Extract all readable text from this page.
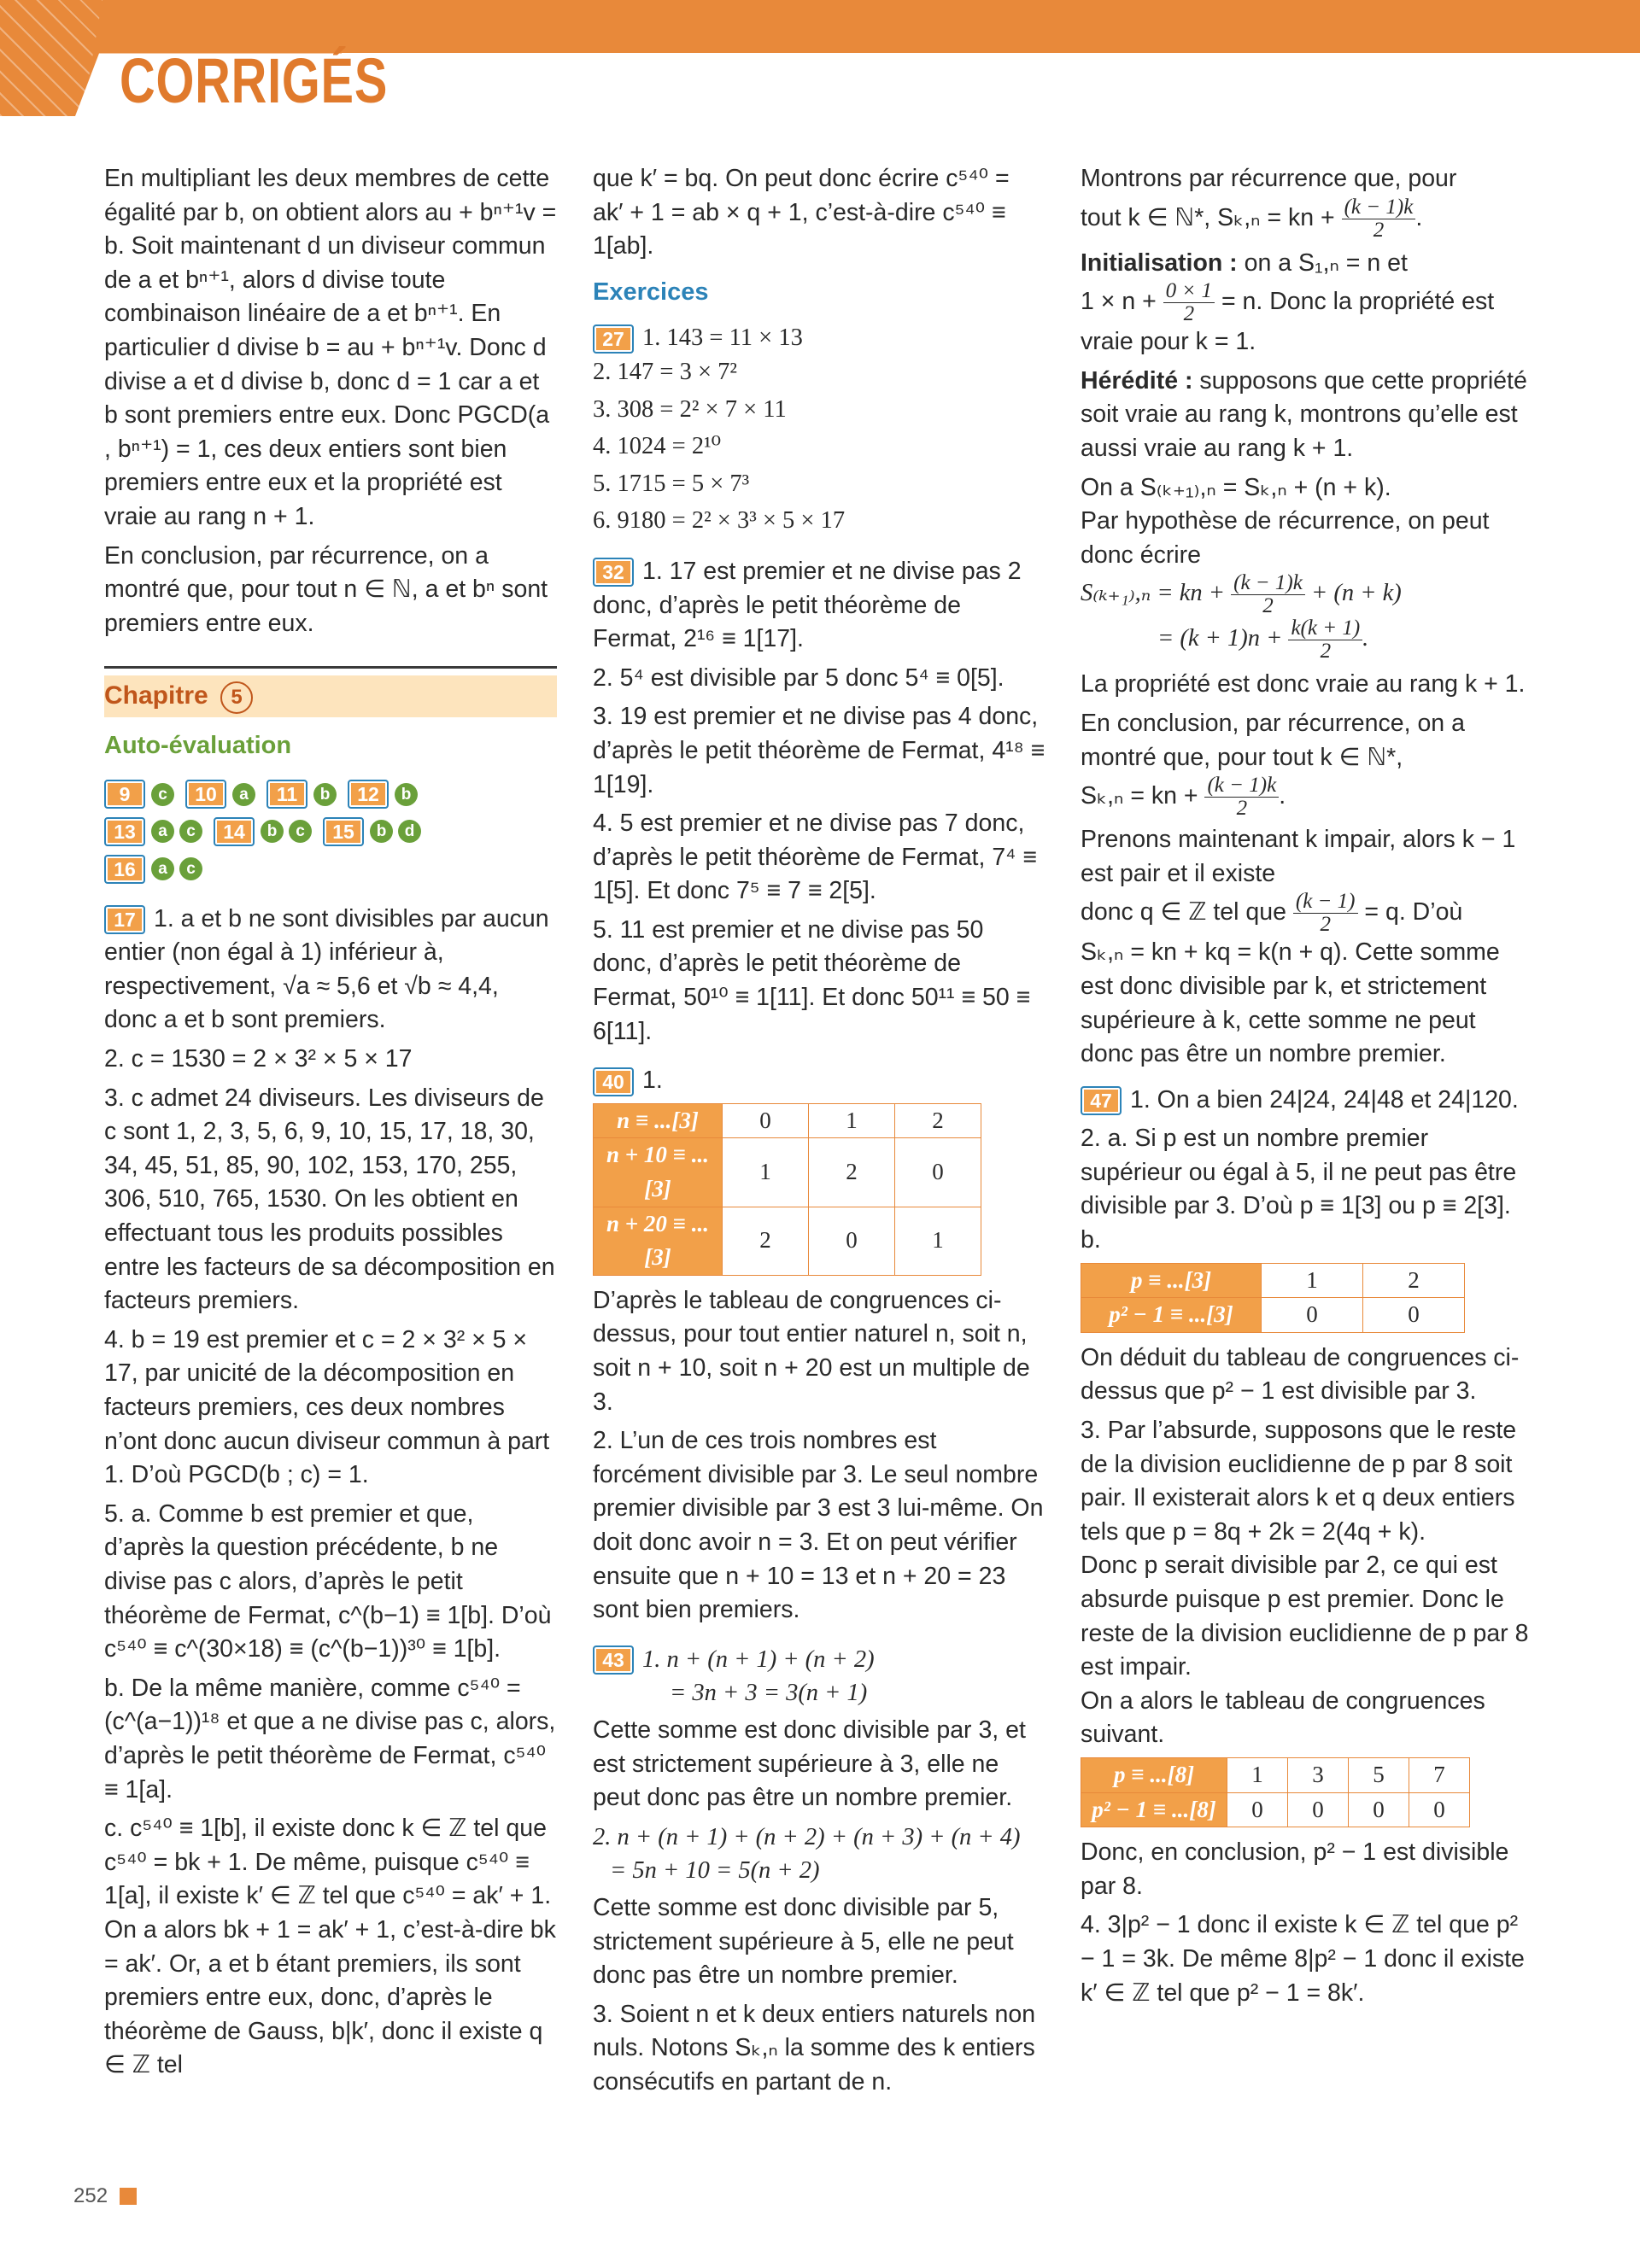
CORRIGÉS

En multipliant les deux membres de cette égalité par b, on obtient alors au + bⁿ⁺¹v = b. Soit maintenant d un diviseur commun de a et bⁿ⁺¹, alors d divise toute combinaison linéaire de a et bⁿ⁺¹. En particulier d divise b = au + bⁿ⁺¹v. Donc d divise a et d divise b, donc d = 1 car a et b sont premiers entre eux. Donc PGCD(a , bⁿ⁺¹) = 1, ces deux entiers sont bien premiers entre eux et la propriété est vraie au rang n + 1.

En conclusion, par récurrence, on a montré que, pour tout n ∈ ℕ, a et bⁿ sont premiers entre eux.

Chapitre 5
Auto-évaluation
9 c 10 a 11 b 12 b
13 a c 14 b c 15 b d
16 a c

17 1. a et b ne sont divisibles par aucun entier (non égal à 1) inférieur à, respectivement, √a ≈ 5,6 et √b ≈ 4,4, donc a et b sont premiers.

2. c = 1530 = 2 × 3² × 5 × 17

3. c admet 24 diviseurs. Les diviseurs de c sont 1, 2, 3, 5, 6, 9, 10, 15, 17, 18, 30, 34, 45, 51, 85, 90, 102, 153, 170, 255, 306, 510, 765, 1530. On les obtient en effectuant tous les produits possibles entre les facteurs de sa décomposition en facteurs premiers.

4. b = 19 est premier et c = 2 × 3² × 5 × 17, par unicité de la décomposition en facteurs premiers, ces deux nombres n’ont donc aucun diviseur commun à part 1. D’où PGCD(b ; c) = 1.

5. a. Comme b est premier et que, d’après la question précédente, b ne divise pas c alors, d’après le petit théorème de Fermat, c^(b−1) ≡ 1[b]. D’où c⁵⁴⁰ ≡ c^(30×18) ≡ (c^(b−1))³⁰ ≡ 1[b].

b. De la même manière, comme c⁵⁴⁰ = (c^(a−1))¹⁸ et que a ne divise pas c, alors, d’après le petit théorème de Fermat, c⁵⁴⁰ ≡ 1[a].

c. c⁵⁴⁰ ≡ 1[b], il existe donc k ∈ ℤ tel que c⁵⁴⁰ = bk + 1. De même, puisque c⁵⁴⁰ ≡ 1[a], il existe k′ ∈ ℤ tel que c⁵⁴⁰ = ak′ + 1. On a alors bk + 1 = ak′ + 1, c’est-à-dire bk = ak′. Or, a et b étant premiers, ils sont premiers entre eux, donc, d’après le théorème de Gauss, b|k′, donc il existe q ∈ ℤ tel

que k′ = bq. On peut donc écrire c⁵⁴⁰ = ak′ + 1 = ab × q + 1, c’est-à-dire c⁵⁴⁰ ≡ 1[ab].

Exercices

27 1. 143 = 11 × 13

2. 147 = 3 × 7²

3. 308 = 2² × 7 × 11

4. 1024 = 2¹⁰

5. 1715 = 5 × 7³

6. 9180 = 2² × 3³ × 5 × 17

32 1. 17 est premier et ne divise pas 2 donc, d’après le petit théorème de Fermat, 2¹⁶ ≡ 1[17].

2. 5⁴ est divisible par 5 donc 5⁴ ≡ 0[5].

3. 19 est premier et ne divise pas 4 donc, d’après le petit théorème de Fermat, 4¹⁸ ≡ 1[19].

4. 5 est premier et ne divise pas 7 donc, d’après le petit théorème de Fermat, 7⁴ ≡ 1[5]. Et donc 7⁵ ≡ 7 ≡ 2[5].

5. 11 est premier et ne divise pas 50 donc, d’après le petit théorème de Fermat, 50¹⁰ ≡ 1[11]. Et donc 50¹¹ ≡ 50 ≡ 6[11].

40 1.

n ≡ ...[3]	0	1	2
n + 10 ≡ ...[3]	1	2	0
n + 20 ≡ ...[3]	2	0	1

D’après le tableau de congruences ci-dessus, pour tout entier naturel n, soit n, soit n + 10, soit n + 20 est un multiple de 3.

2. L’un de ces trois nombres est forcément divisible par 3. Le seul nombre premier divisible par 3 est 3 lui-même. On doit donc avoir n = 3. Et on peut vérifier ensuite que n + 10 = 13 et n + 20 = 23 sont bien premiers.

43 1. n + (n + 1) + (n + 2)

= 3n + 3 = 3(n + 1)

Cette somme est donc divisible par 3, et est strictement supérieure à 3, elle ne peut donc pas être un nombre premier.

2. n + (n + 1) + (n + 2) + (n + 3) + (n + 4)

= 5n + 10 = 5(n + 2)

Cette somme est donc divisible par 5, strictement supérieure à 5, elle ne peut donc pas être un nombre premier.

3. Soient n et k deux entiers naturels non nuls. Notons Sₖ,ₙ la somme des k entiers consécutifs en partant de n.

Montrons par récurrence que, pour

tout k ∈ ℕ*, Sₖ,ₙ = kn + $\frac{(k - 1)k}{2}$ .

Initialisation : on a S₁,ₙ = n et

$1 \times n + \frac{0 \times 1}{2} = n$. Donc la propriété est vraie pour k = 1.

Hérédité : supposons que cette propriété soit vraie au rang k, montrons qu’elle est aussi vraie au rang k + 1.

On a S₍ₖ₊₁₎,ₙ = Sₖ,ₙ + (n + k).

Par hypothèse de récurrence, on peut donc écrire

S₍ₖ₊₁₎,ₙ = kn + $\frac{(k - 1)k}{2} + (n + k)$

= $(k + 1)n + \frac{k(k + 1)}{2}$ .

La propriété est donc vraie au rang k + 1.

En conclusion, par récurrence, on a montré que, pour tout k ∈ ℕ*,

Sₖ,ₙ = kn + $\frac{(k - 1)k}{2}$ .

Prenons maintenant k impair, alors k − 1 est pair et il existe

donc q ∈ ℤ tel que $\frac{(k - 1)}{2} = q$. D’où

Sₖ,ₙ = kn + kq = k(n + q). Cette somme est donc divisible par k, et strictement supérieure à k, cette somme ne peut donc pas être un nombre premier.

47 1. On a bien 24|24, 24|48 et 24|120.

2. a. Si p est un nombre premier supérieur ou égal à 5, il ne peut pas être divisible par 3. D’où p ≡ 1[3] ou p ≡ 2[3].

b.

p ≡ ...[3]	1	2
p² − 1 ≡ ...[3]	0	0

On déduit du tableau de congruences ci-dessus que p² − 1 est divisible par 3.

3. Par l’absurde, supposons que le reste de la division euclidienne de p par 8 soit pair. Il existerait alors k et q deux entiers tels que p = 8q + 2k = 2(4q + k).

Donc p serait divisible par 2, ce qui est absurde puisque p est premier. Donc le reste de la division euclidienne de p par 8 est impair.

On a alors le tableau de congruences suivant.

p ≡ ...[8]	1	3	5	7
p² − 1 ≡ ...[8]	0	0	0	0

Donc, en conclusion, p² − 1 est divisible par 8.

4. 3|p² − 1 donc il existe k ∈ ℤ tel que p² − 1 = 3k. De même 8|p² − 1 donc il existe k′ ∈ ℤ tel que p² − 1 = 8k′.

252
